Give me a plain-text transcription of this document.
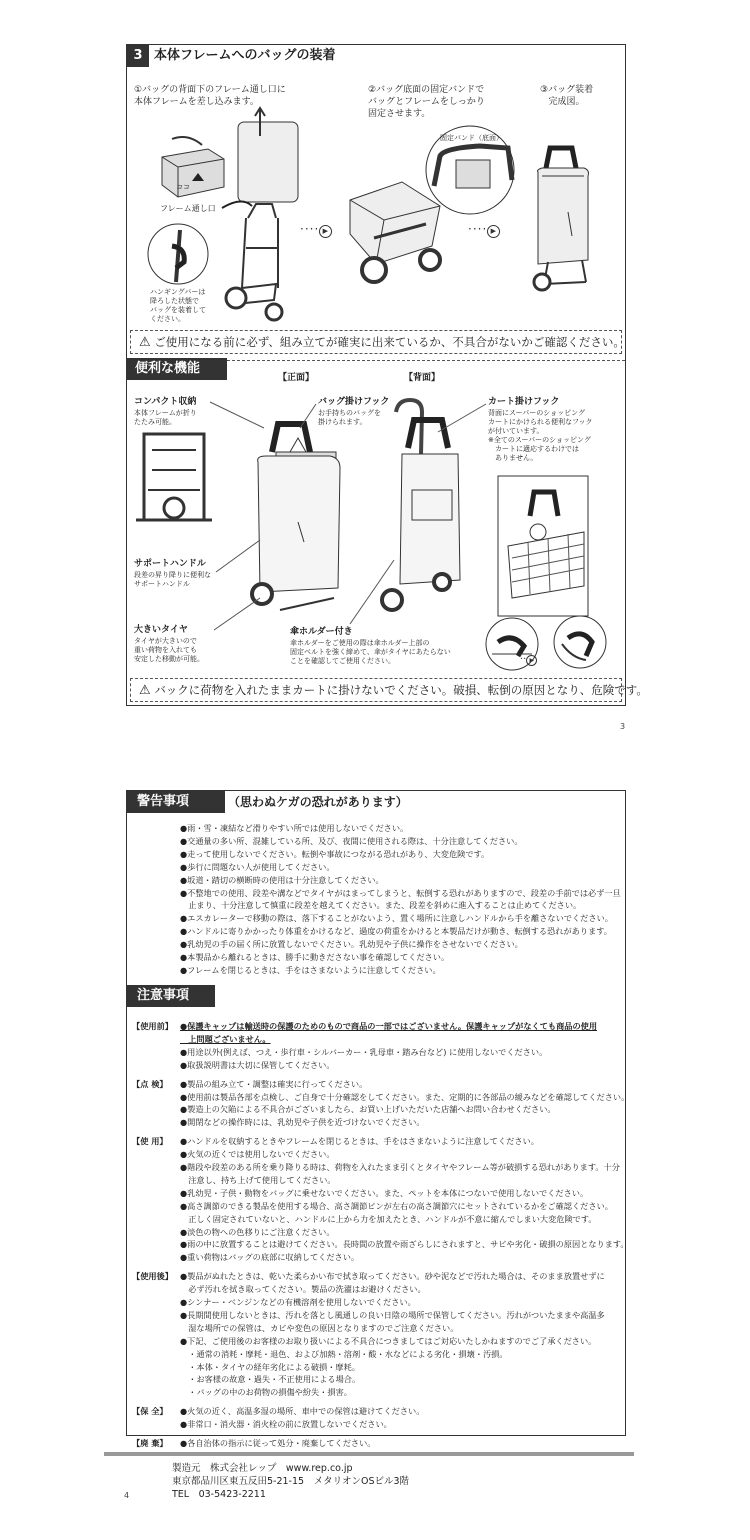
3 本体フレームへのバッグの装着
①バッグの背面下のフレーム通し口に
本体フレームを差し込みます。
②バッグ底面の固定バンドで
バッグとフレームをしっかり
固定させます。
③バッグ装着
完成図。
ココ
フレーム通し口
ハンギングバーは
降ろした状態で
バッグを装着して
ください。
···· ▶	···· ▶
固定バンド（底面）
⚠ ご使用になる前に必ず、組み立てが確実に出来ているか、不具合がないかご確認ください。
便利な機能
【正面】	【背面】
コンパクト収納
本体フレームが折り
たたみ可能。
バッグ掛けフック
お手持ちのバッグを
掛けられます。
カート掛けフック
背面にスーパーのショッピング
カートにかけられる便利なフック
が付いています。
※全てのスーパーのショッピング
　カートに適応するわけでは
　ありません。
サポートハンドル
段差の昇り降りに便利な
サポートハンドル
大きいタイヤ
タイヤが大きいので
重い荷物を入れても
安定した移動が可能。
傘ホルダー付き
傘ホルダーをご使用の際は傘ホルダー上部の
固定ベルトを強く締めて、傘がタイヤにあたらない
ことを確認してご使用ください。	·· ▶
⚠ バックに荷物を入れたままカートに掛けないでください。破損、転倒の原因となり、危険です。
3
警告事項	（思わぬケガの恐れがあります）
●雨・雪・凍結など滑りやすい所では使用しないでください。
●交通量の多い所、混雑している所、及び、夜間に使用される際は、十分注意してください。
●走って使用しないでください。転倒や事故につながる恐れがあり、大変危険です。
●歩行に問題ない人が使用してください。
●坂道・踏切の横断時の使用は十分注意してください。
●不整地での使用、段差や溝などでタイヤがはまってしまうと、転倒する恐れがありますので、段差の手前では必ず一旦
　止まり、十分注意して慎重に段差を越えてください。また、段差を斜めに進入することは止めてください。
●エスカレーターで移動の際は、落下することがないよう、置く場所に注意しハンドルから手を離さないでください。
●ハンドルに寄りかかったり体重をかけるなど、過度の荷重をかけると本製品だけが動き、転倒する恐れがあります。
●乳幼児の手の届く所に放置しないでください。乳幼児や子供に操作をさせないでください。
●本製品から離れるときは、勝手に動きださない事を確認してください。
●フレームを閉じるときは、手をはさまないように注意してください。
注意事項
【使用前】 ●保護キャップは輸送時の保護のためのもので商品の一部ではございません。保護キャップがなくても商品の使用
　上問題ございません。
●用途以外(例えば、つえ・歩行車・シルバーカー・乳母車・踏み台など) に使用しないでください。
●取扱説明書は大切に保管してください。
【点 検】	●製品の組み立て・調整は確実に行ってください。
●使用前は製品各部を点検し、ご自身で十分確認をしてください。また、定期的に各部品の緩みなどを確認してください。
●製造上の欠陥による不具合がございましたら、お買い上げいただいた店舗へお問い合わせください。
●開閉などの操作時には、乳幼児や子供を近づけないでください。
【使 用】	●ハンドルを収納するときやフレームを閉じるときは、手をはさまないように注意してください。
●火気の近くでは使用しないでください。
●階段や段差のある所を乗り降りる時は、荷物を入れたまま引くとタイヤやフレーム等が破損する恐れがあります。十分
　注意し、持ち上げて使用してください。
●乳幼児・子供・動物をバッグに乗せないでください。また、ペットを本体につないで使用しないでください。
●高さ調節のできる製品を使用する場合、高さ調節ピンが左右の高さ調節穴にセットされているかをご確認ください。
　正しく固定されていないと、ハンドルに上から力を加えたとき、ハンドルが不意に縮んでしまい大変危険です。
●淡色の物への色移りにご注意ください。
●雨の中に放置することは避けてください。長時間の放置や雨ざらしにされますと、サビや劣化・破損の原因となります。
●重い荷物はバッグの底部に収納してください。
【使用後】 ●製品がぬれたときは、乾いた柔らかい布で拭き取ってください。砂や泥などで汚れた場合は、そのまま放置せずに
　必ず汚れを拭き取ってください。製品の洗濯はお避けください。
●シンナー・ベンジンなどの有機溶剤を使用しないでください。
●長期間使用しないときは、汚れを落とし風通しの良い日陰の場所で保管してください。汚れがついたままや高温多
　湿な場所での保管は、カビや変色の原因となりますのでご注意ください。
●下記、ご使用後のお客様のお取り扱いによる不具合につきましてはご対応いたしかねますのでご了承ください。
　・通常の消耗・摩耗・退色、および加熱・溶剤・酸・水などによる劣化・損壊・汚損。
　・本体・タイヤの経年劣化による破損・摩耗。
　・お客様の故意・過失・不正使用による場合。
　・バッグの中のお荷物の損傷や紛失・損害。
【保 全】	●火気の近く、高温多湿の場所、車中での保管は避けてください。
●非常口・消火器・消火栓の前に放置しないでください。
【廃 棄】	●各自治体の指示に従って処分・廃棄してください。
製造元　株式会社レップ　www.rep.co.jp
東京都品川区東五反田5-21-15　メタリオンOSビル3階
TEL　03-5423-2211
4
